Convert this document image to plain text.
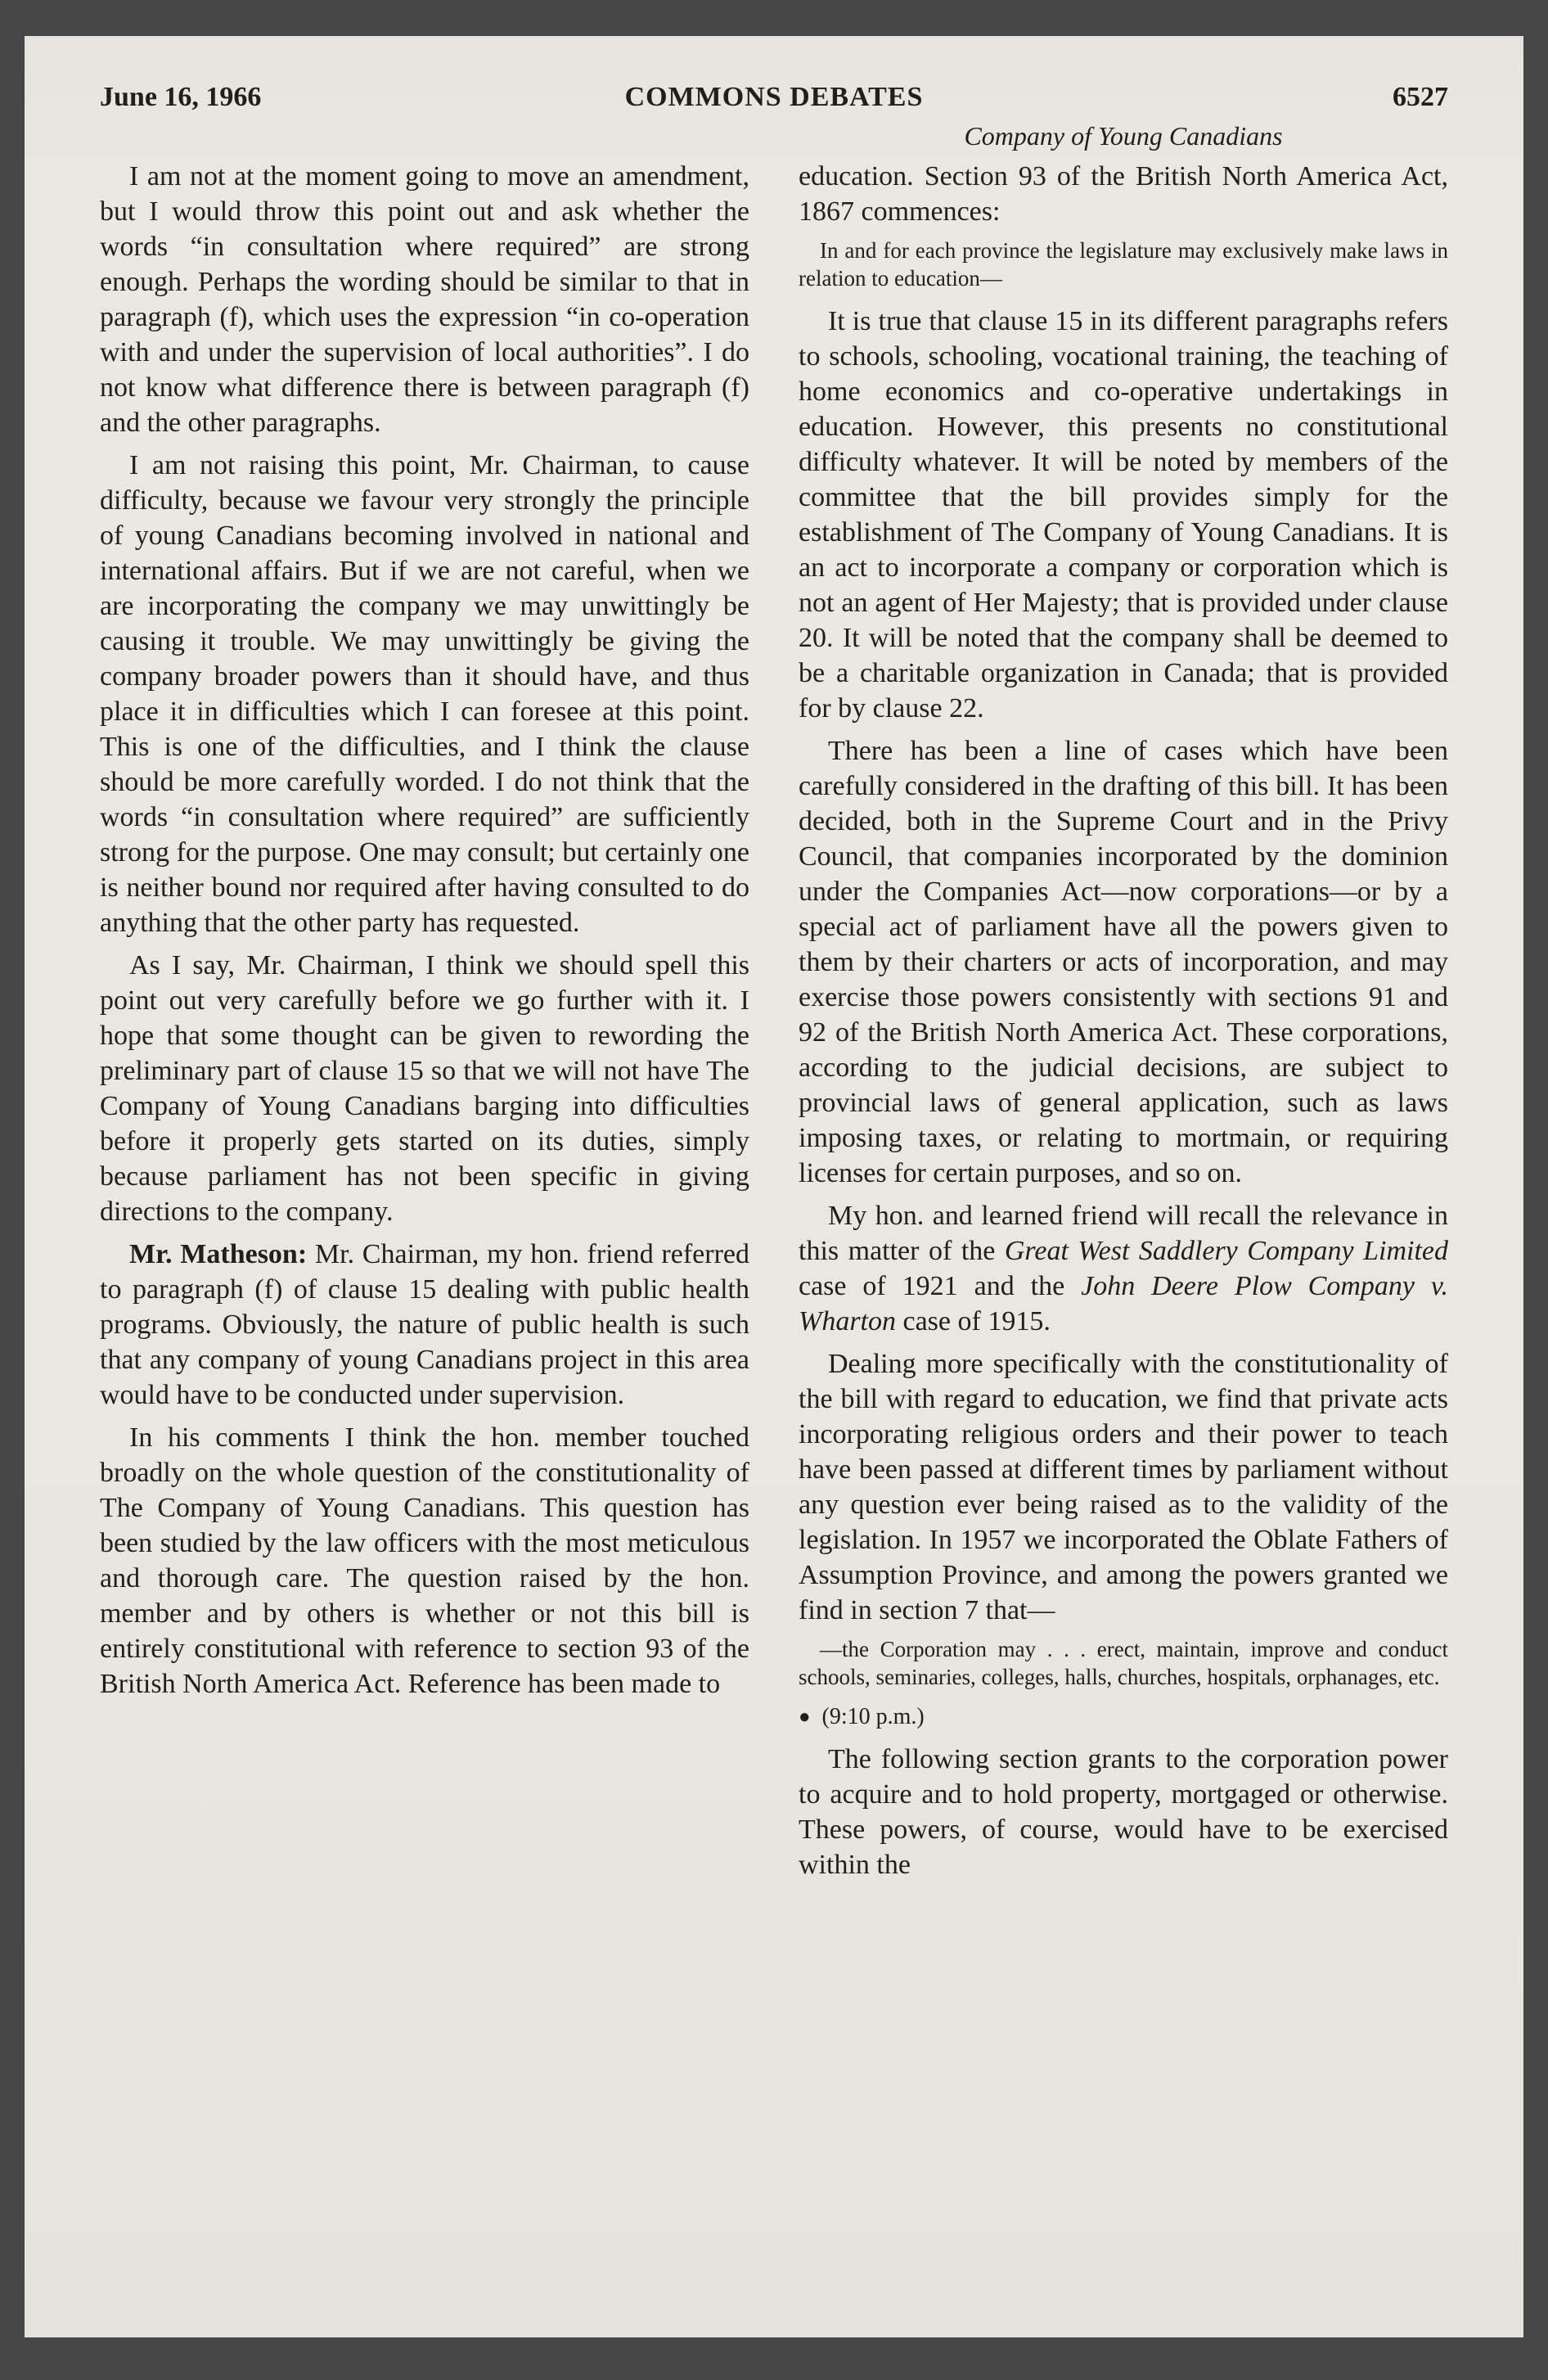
June 16, 1966	COMMONS DEBATES	6527

I am not at the moment going to move an amendment, but I would throw this point out and ask whether the words “in consultation where required” are strong enough. Perhaps the wording should be similar to that in paragraph (f), which uses the expression “in co-operation with and under the supervision of local authorities”. I do not know what difference there is between paragraph (f) and the other paragraphs.

I am not raising this point, Mr. Chairman, to cause difficulty, because we favour very strongly the principle of young Canadians becoming involved in national and international affairs. But if we are not careful, when we are incorporating the company we may unwittingly be causing it trouble. We may unwittingly be giving the company broader powers than it should have, and thus place it in difficulties which I can foresee at this point. This is one of the difficulties, and I think the clause should be more carefully worded. I do not think that the words “in consultation where required” are sufficiently strong for the purpose. One may consult; but certainly one is neither bound nor required after having consulted to do anything that the other party has requested.

As I say, Mr. Chairman, I think we should spell this point out very carefully before we go further with it. I hope that some thought can be given to rewording the preliminary part of clause 15 so that we will not have The Company of Young Canadians barging into difficulties before it properly gets started on its duties, simply because parliament has not been specific in giving directions to the company.

Mr. Matheson: Mr. Chairman, my hon. friend referred to paragraph (f) of clause 15 dealing with public health programs. Obviously, the nature of public health is such that any company of young Canadians project in this area would have to be conducted under supervision.

In his comments I think the hon. member touched broadly on the whole question of the constitutionality of The Company of Young Canadians. This question has been studied by the law officers with the most meticulous and thorough care. The question raised by the hon. member and by others is whether or not this bill is entirely constitutional with reference to section 93 of the British North America Act. Reference has been made to

Company of Young Canadians

education. Section 93 of the British North America Act, 1867 commences:

In and for each province the legislature may exclusively make laws in relation to education—

It is true that clause 15 in its different paragraphs refers to schools, schooling, vocational training, the teaching of home economics and co-operative undertakings in education. However, this presents no constitutional difficulty whatever. It will be noted by members of the committee that the bill provides simply for the establishment of The Company of Young Canadians. It is an act to incorporate a company or corporation which is not an agent of Her Majesty; that is provided under clause 20. It will be noted that the company shall be deemed to be a charitable organization in Canada; that is provided for by clause 22.

There has been a line of cases which have been carefully considered in the drafting of this bill. It has been decided, both in the Supreme Court and in the Privy Council, that companies incorporated by the dominion under the Companies Act—now corporations—or by a special act of parliament have all the powers given to them by their charters or acts of incorporation, and may exercise those powers consistently with sections 91 and 92 of the British North America Act. These corporations, according to the judicial decisions, are subject to provincial laws of general application, such as laws imposing taxes, or relating to mortmain, or requiring licenses for certain purposes, and so on.

My hon. and learned friend will recall the relevance in this matter of the Great West Saddlery Company Limited case of 1921 and the John Deere Plow Company v. Wharton case of 1915.

Dealing more specifically with the constitutionality of the bill with regard to education, we find that private acts incorporating religious orders and their power to teach have been passed at different times by parliament without any question ever being raised as to the validity of the legislation. In 1957 we incorporated the Oblate Fathers of Assumption Province, and among the powers granted we find in section 7 that—

—the Corporation may . . . erect, maintain, improve and conduct schools, seminaries, colleges, halls, churches, hospitals, orphanages, etc.

● (9:10 p.m.)

The following section grants to the corporation power to acquire and to hold property, mortgaged or otherwise. These powers, of course, would have to be exercised within the
